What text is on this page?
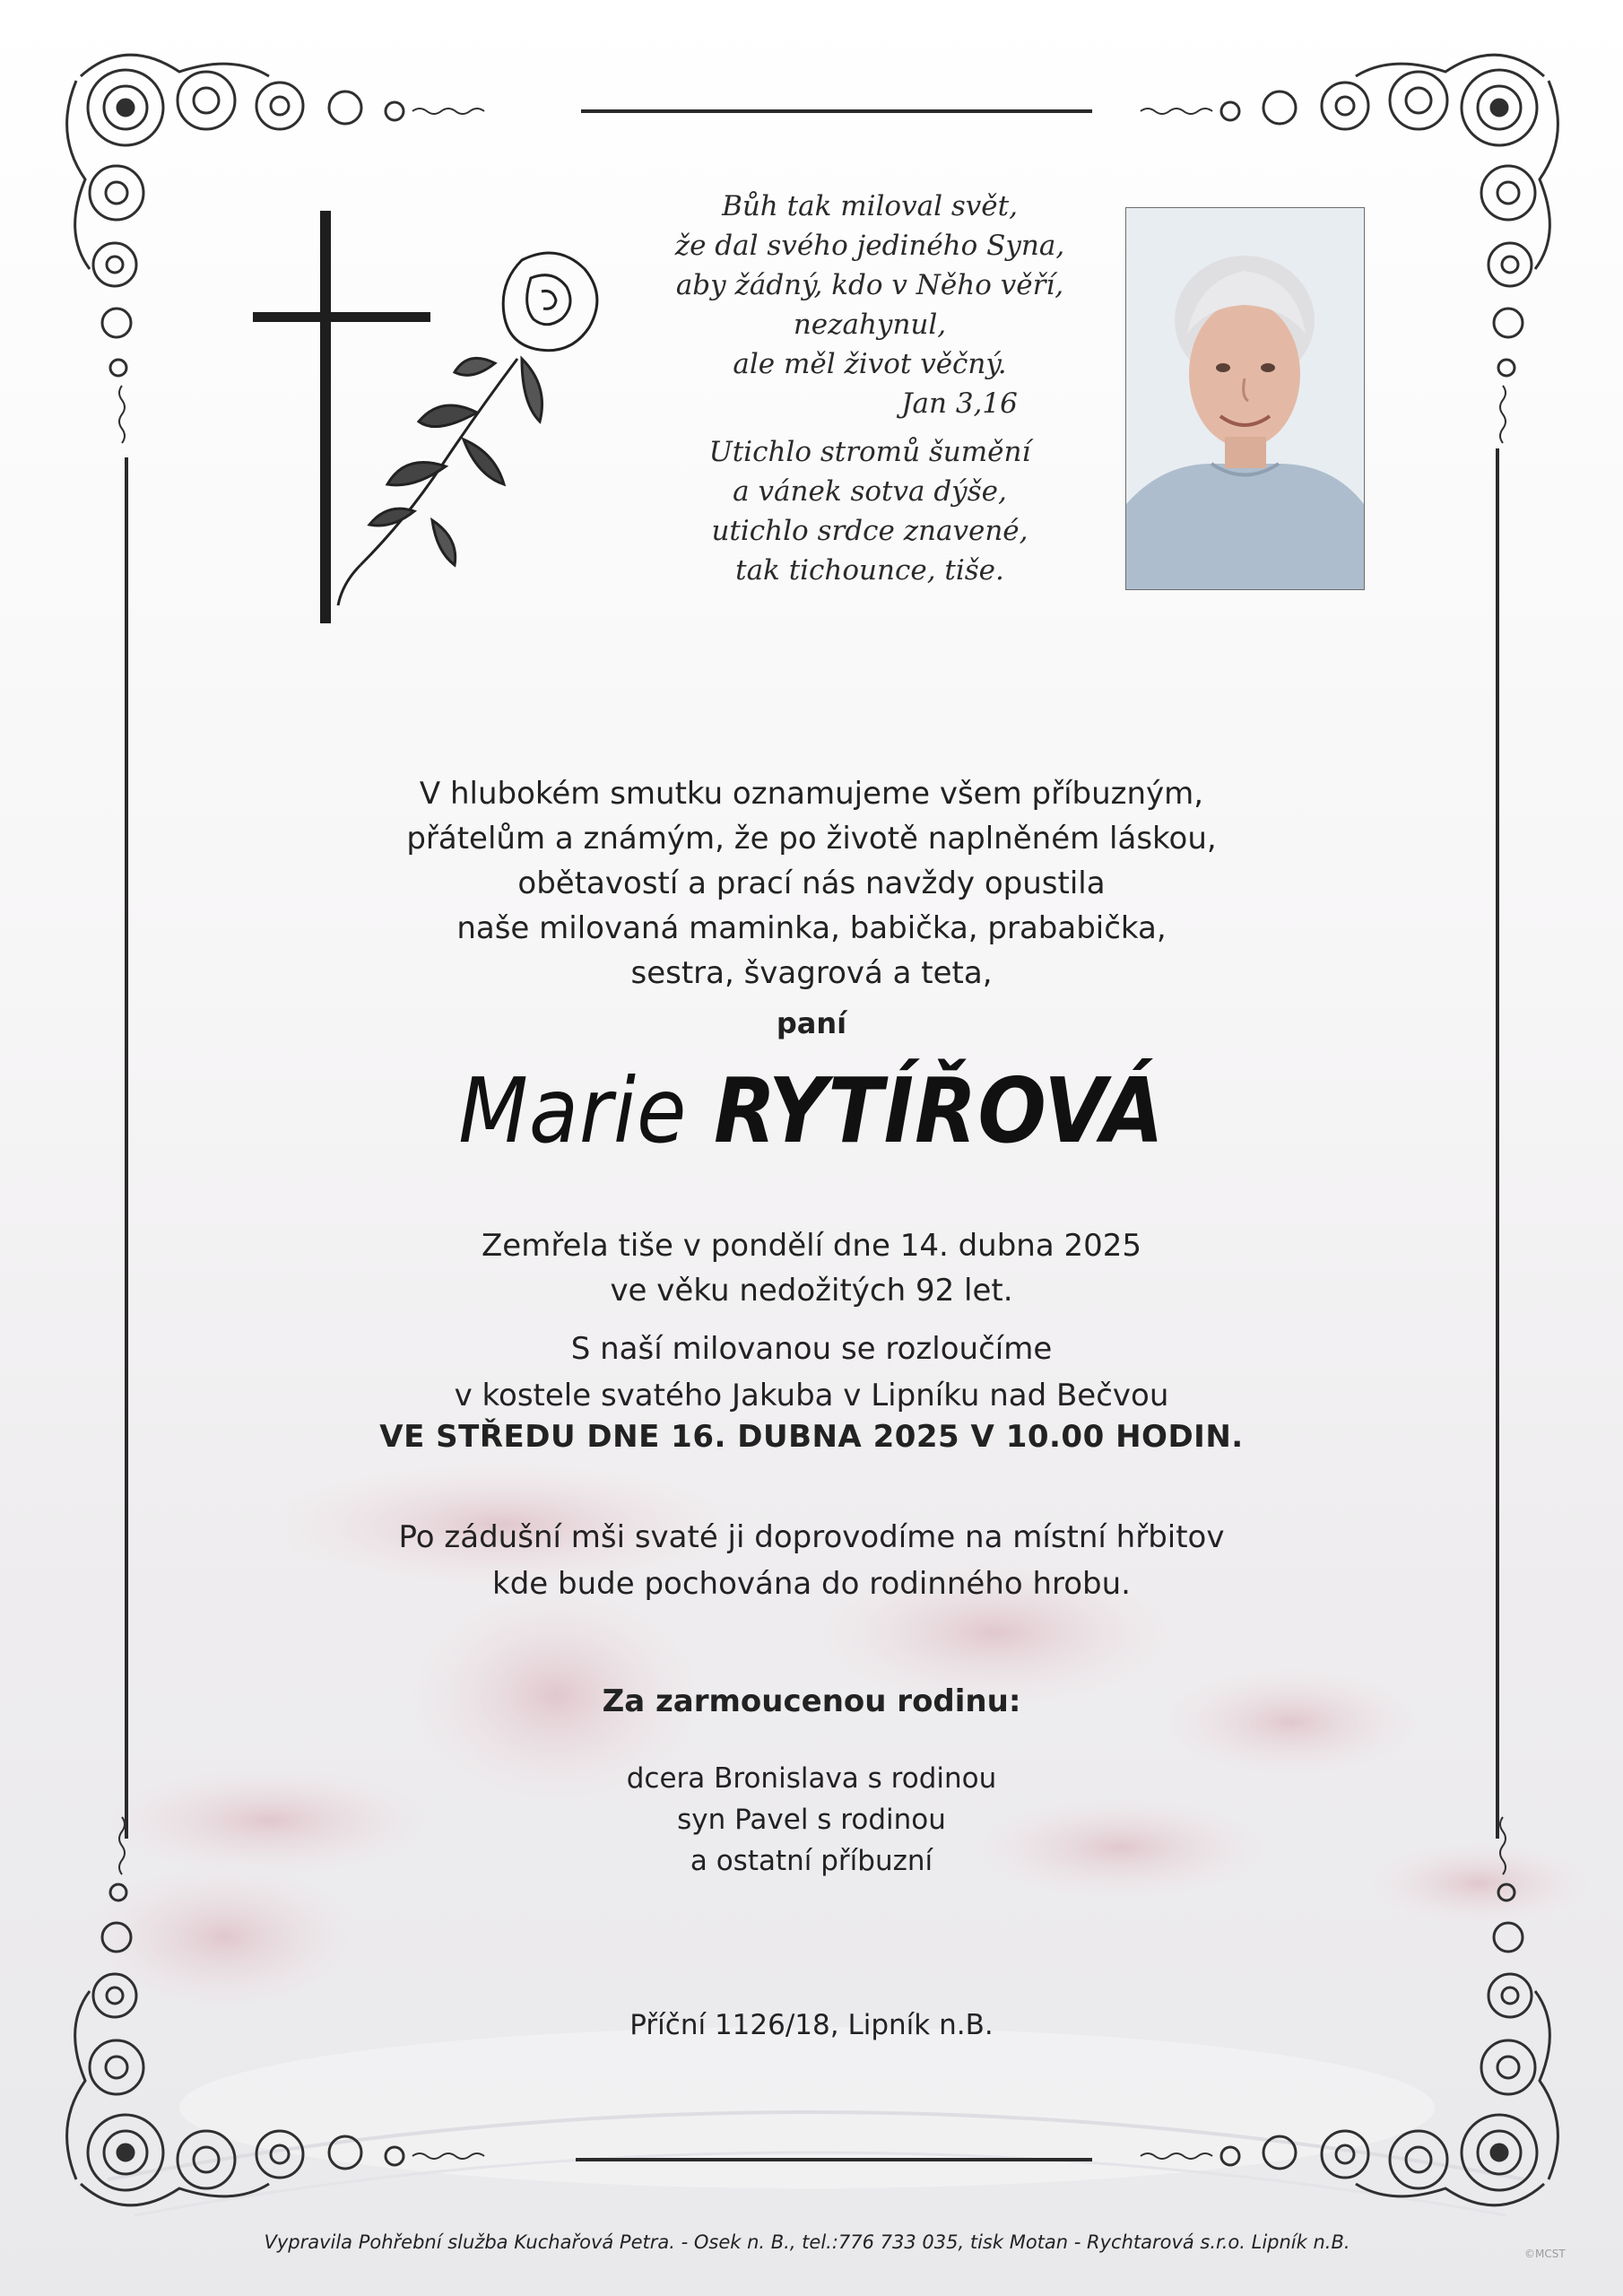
Bůh tak miloval svět,
že dal svého jediného Syna,
aby žádný, kdo v Něho věří,
nezahynul,
ale měl život věčný.
Jan 3,16
Utichlo stromů šumění
a vánek sotva dýše,
utichlo srdce znavené,
tak tichounce, tiše.
V hlubokém smutku oznamujeme všem příbuzným,
přátelům a známým, že po životě naplněném láskou,
obětavostí a prací nás navždy opustila
naše milovaná maminka, babička, prababička,
sestra, švagrová a teta,
paní
Marie RYTÍŘOVÁ
Zemřela tiše v pondělí dne 14. dubna 2025
ve věku nedožitých 92 let.
S naší milovanou se rozloučíme
v kostele svatého Jakuba v Lipníku nad Bečvou
VE STŘEDU DNE 16. DUBNA 2025 V 10.00 HODIN.
Po zádušní mši svaté ji doprovodíme na místní hřbitov
kde bude pochována do rodinného hrobu.
Za zarmoucenou rodinu:
dcera Bronislava s rodinou
syn Pavel s rodinou
a ostatní příbuzní
Příční 1126/18, Lipník n.B.
Vypravila Pohřební služba Kuchařová Petra. - Osek n. B., tel.:776 733 035, tisk Motan - Rychtarová s.r.o. Lipník n.B.
©MCST
